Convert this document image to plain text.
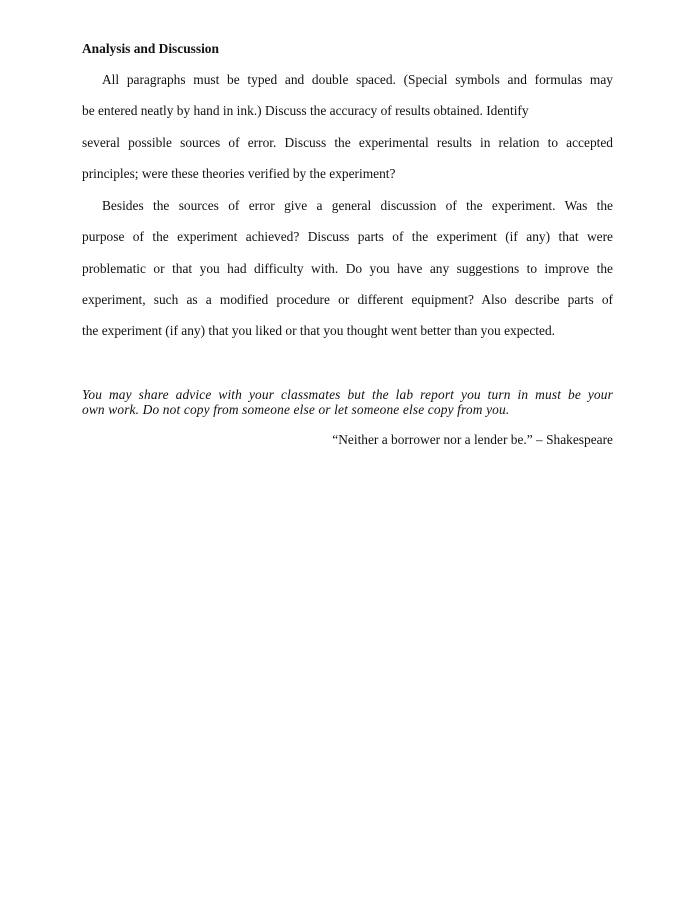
Analysis and Discussion
All paragraphs must be typed and double spaced. (Special symbols and formulas may
be entered neatly by hand in ink.) Discuss the accuracy of results obtained. Identify
several possible sources of error. Discuss the experimental results in relation to accepted
principles; were these theories verified by the experiment?
Besides the sources of error give a general discussion of the experiment. Was the
purpose of the experiment achieved? Discuss parts of the experiment (if any) that were
problematic or that you had difficulty with. Do you have any suggestions to improve the
experiment, such as a modified procedure or different equipment? Also describe parts of
the experiment (if any) that you liked or that you thought went better than you expected.
You may share advice with your classmates but the lab report you turn in must be your
own work. Do not copy from someone else or let someone else copy from you.
“Neither a borrower nor a lender be.” – Shakespeare
